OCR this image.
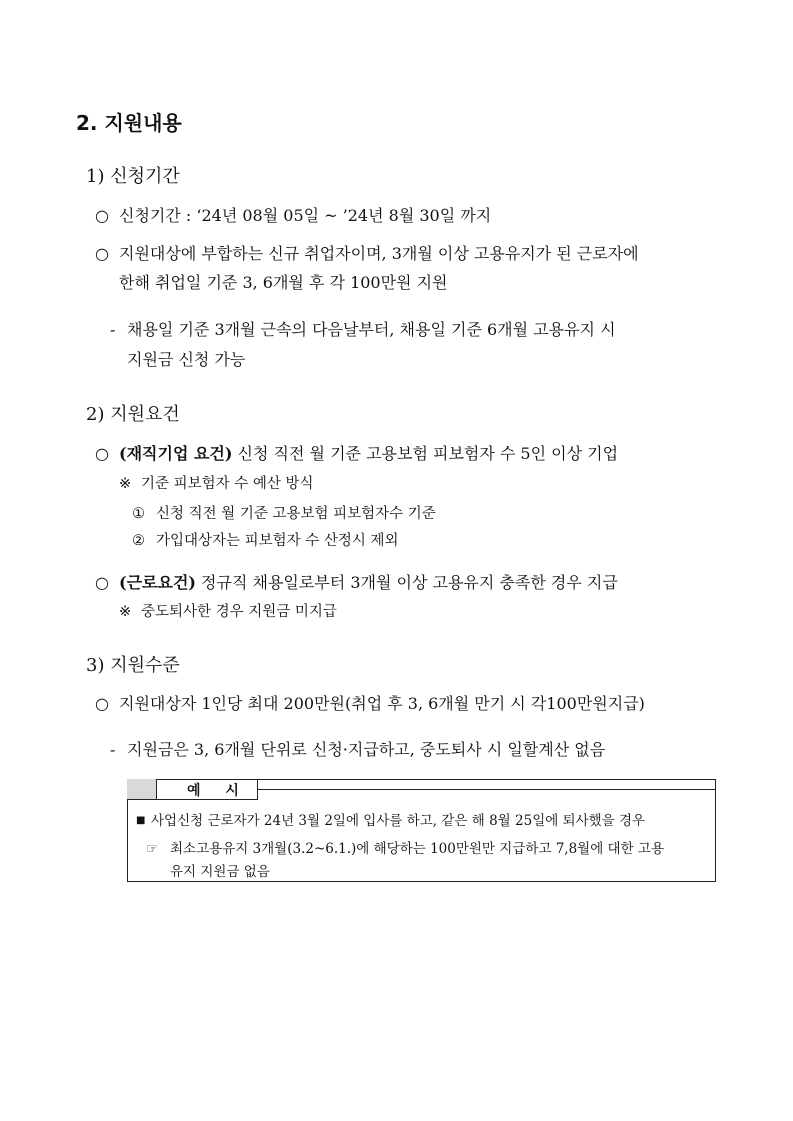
2. 지원내용
1) 신청기간
○ 신청기간 : ‘24년 08월 05일 ~ ’24년 8월 30일 까지
○ 지원대상에 부합하는 신규 취업자이며, 3개월 이상 고용유지가 된 근로자에
한해 취업일 기준 3, 6개월 후 각 100만원 지원
- 채용일 기준 3개월 근속의 다음날부터, 채용일 기준 6개월 고용유지 시
지원금 신청 가능
2) 지원요건
○ (재직기업 요건) 신청 직전 월 기준 고용보험 피보험자 수 5인 이상 기업
※ 기준 피보험자 수 예산 방식
① 신청 직전 월 기준 고용보험 피보험자수 기준
② 가입대상자는 피보험자 수 산정시 제외
○ (근로요건) 정규직 채용일로부터 3개월 이상 고용유지 충족한 경우 지급
※ 중도퇴사한 경우 지원금 미지급
3) 지원수준
○ 지원대상자 1인당 최대 200만원(취업 후 3, 6개월 만기 시 각100만원지급)
- 지원금은 3, 6개월 단위로 신청·지급하고, 중도퇴사 시 일할계산 없음
예 시
■ 사업신청 근로자가 24년 3월 2일에 입사를 하고, 같은 해 8월 25일에 퇴사했을 경우
☞ 최소고용유지 3개월(3.2~6.1.)에 해당하는 100만원만 지급하고 7,8월에 대한 고용
유지 지원금 없음
